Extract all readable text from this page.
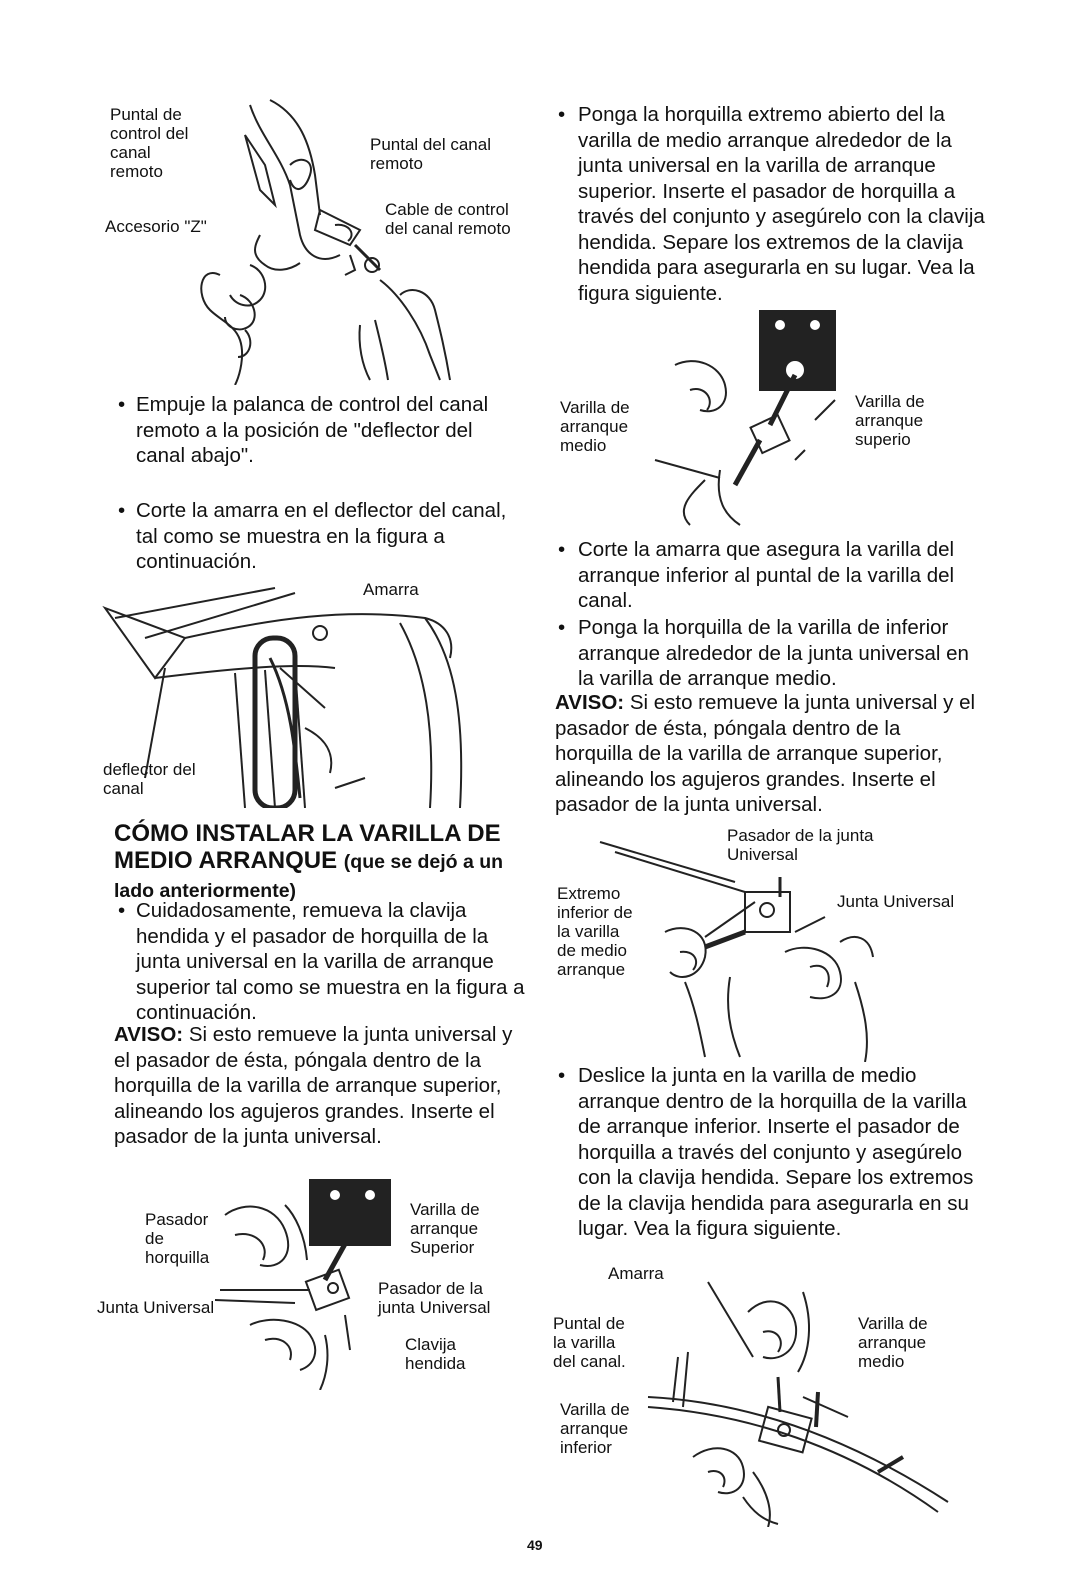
Puntal de
control del
canal
remoto
Accesorio "Z"
Puntal del canal
remoto
Cable de control
del canal remoto
• Empuje la palanca de control del canal remoto a la posición de "deflector del canal abajo".
• Corte la amarra en el deflector del canal, tal como se muestra en la figura a continuación.
Amarra
deflector del
canal
CÓMO INSTALAR LA VARILLA DE MEDIO ARRANQUE (que se dejó a un lado anteriormente)
• Cuidadosamente, remueva la clavija hendida y el pasador de horquilla de la junta universal en la varilla de arranque superior tal como se muestra en la figura a continuación.
AVISO: Si esto remueve la junta universal y el pasador de ésta, póngala dentro de la horquilla de la varilla de arranque superior, alineando los agujeros grandes. Inserte el pasador de la junta universal.
Pasador
de
horquilla
Junta Universal
Varilla de
arranque
Superior
Pasador de la
junta Universal
Clavija
hendida
• Ponga la horquilla extremo abierto del la varilla de medio arranque alrededor de la junta universal en la varilla de arranque superior. Inserte el pasador de horquilla a través del conjunto y asegúrelo con la clavija hendida. Separe los extremos de la clavija hendida para asegurarla en su lugar. Vea la figura siguiente.
Varilla de
arranque
medio
Varilla de
arranque
superio
• Corte la amarra que asegura la varilla del arranque inferior al puntal de la varilla del canal.
• Ponga la horquilla de la varilla de inferior arranque alrededor de la junta universal en la varilla de arranque medio.
AVISO: Si esto remueve la junta universal y el pasador de ésta, póngala dentro de la horquilla de la varilla de arranque superior, alineando los agujeros grandes. Inserte el pasador de la junta universal.
Pasador de la junta
Universal
Extremo
inferior de
la varilla
de medio
arranque
Junta Universal
• Deslice la junta en la varilla de medio arranque dentro de la horquilla de la varilla de arranque inferior. Inserte el pasador de horquilla a través del conjunto y asegúrelo con la clavija hendida. Separe los extremos de la clavija hendida para asegurarla en su lugar. Vea la figura siguiente.
Amarra
Puntal de
la varilla
del canal.
Varilla de
arranque
inferior
Varilla de
arranque
medio
49
